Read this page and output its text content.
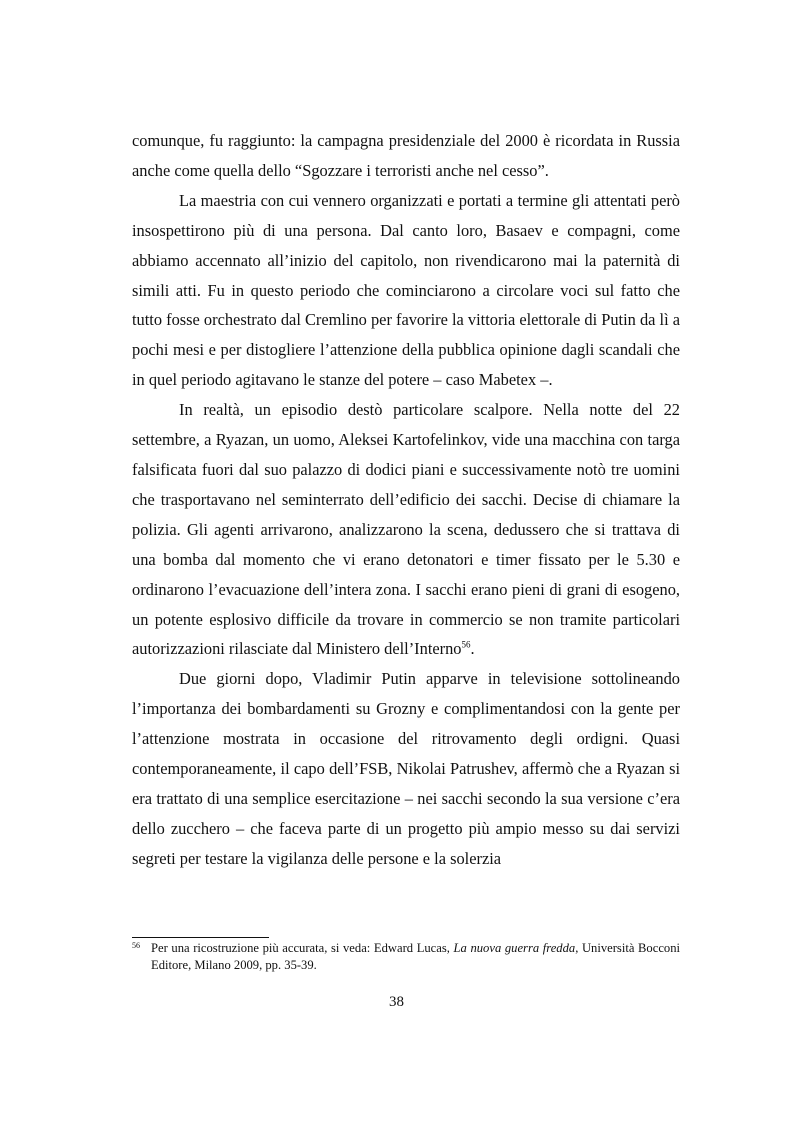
comunque, fu raggiunto: la campagna presidenziale del 2000 è ricordata in Russia anche come quella dello “Sgozzare i terroristi anche nel cesso”.

La maestria con cui vennero organizzati e portati a termine gli attentati però insospettirono più di una persona. Dal canto loro, Basaev e compagni, come abbiamo accennato all’inizio del capitolo, non rivendicarono mai la paternità di simili atti. Fu in questo periodo che cominciarono a circolare voci sul fatto che tutto fosse orchestrato dal Cremlino per favorire la vittoria elettorale di Putin da lì a pochi mesi e per distogliere l’attenzione della pubblica opinione dagli scandali che in quel periodo agitavano le stanze del potere – caso Mabetex –.

In realtà, un episodio destò particolare scalpore. Nella notte del 22 settembre, a Ryazan, un uomo, Aleksei Kartofelinkov, vide una macchina con targa falsificata fuori dal suo palazzo di dodici piani e successivamente notò tre uomini che trasportavano nel seminterrato dell’edificio dei sacchi. Decise di chiamare la polizia. Gli agenti arrivarono, analizzarono la scena, dedussero che si trattava di una bomba dal momento che vi erano detonatori e timer fissato per le 5.30 e ordinarono l’evacuazione dell’intera zona. I sacchi erano pieni di grani di esogeno, un potente esplosivo difficile da trovare in commercio se non tramite particolari autorizzazioni rilasciate dal Ministero dell’Interno$^{56}$.

Due giorni dopo, Vladimir Putin apparve in televisione sottolineando l’importanza dei bombardamenti su Grozny e complimentandosi con la gente per l’attenzione mostrata in occasione del ritrovamento degli ordigni. Quasi contemporaneamente, il capo dell’FSB, Nikolai Patrushev, affermò che a Ryazan si era trattato di una semplice esercitazione – nei sacchi secondo la sua versione c’era dello zucchero – che faceva parte di un progetto più ampio messo su dai servizi segreti per testare la vigilanza delle persone e la solerzia

56 Per una ricostruzione più accurata, si veda: Edward Lucas, La nuova guerra fredda, Università Bocconi Editore, Milano 2009, pp. 35-39.
38
